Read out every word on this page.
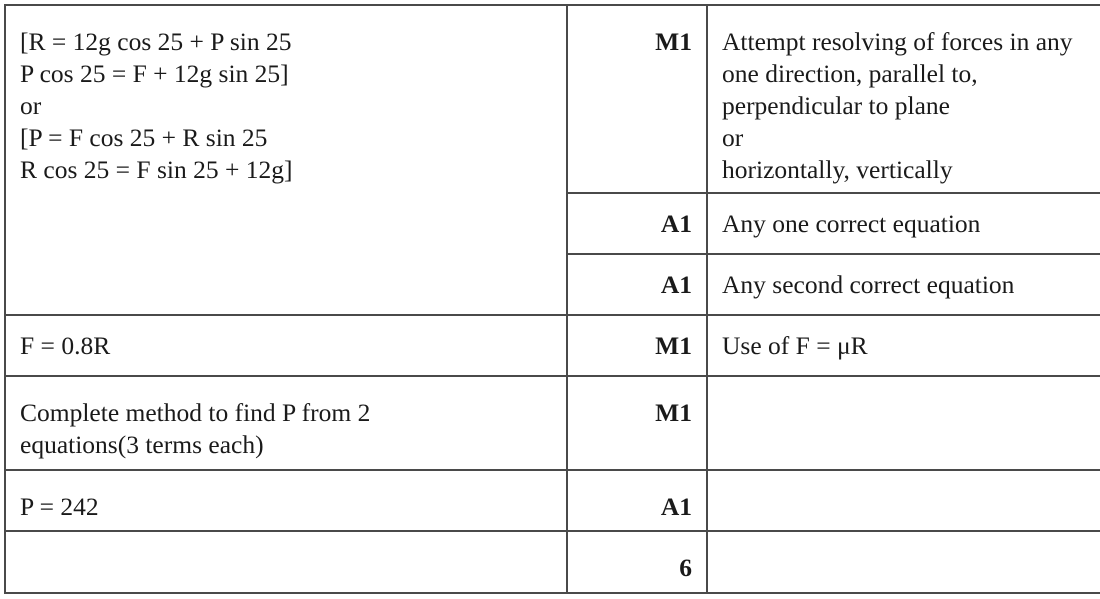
[R = 12g cos 25 + P sin 25
P cos 25 = F + 12g sin 25]
or
[P = F cos 25 + R sin 25
R cos 25 = F sin 25 + 12g]	M1	Attempt resolving of forces in any
one direction, parallel to,
perpendicular to plane
or
horizontally, vertically

	A1	Any one correct equation

	A1	Any second correct equation

F = 0.8R	M1	Use of F = μR

Complete method to find P from 2
equations(3 terms each)	M1	

P = 242	A1	

	6	
